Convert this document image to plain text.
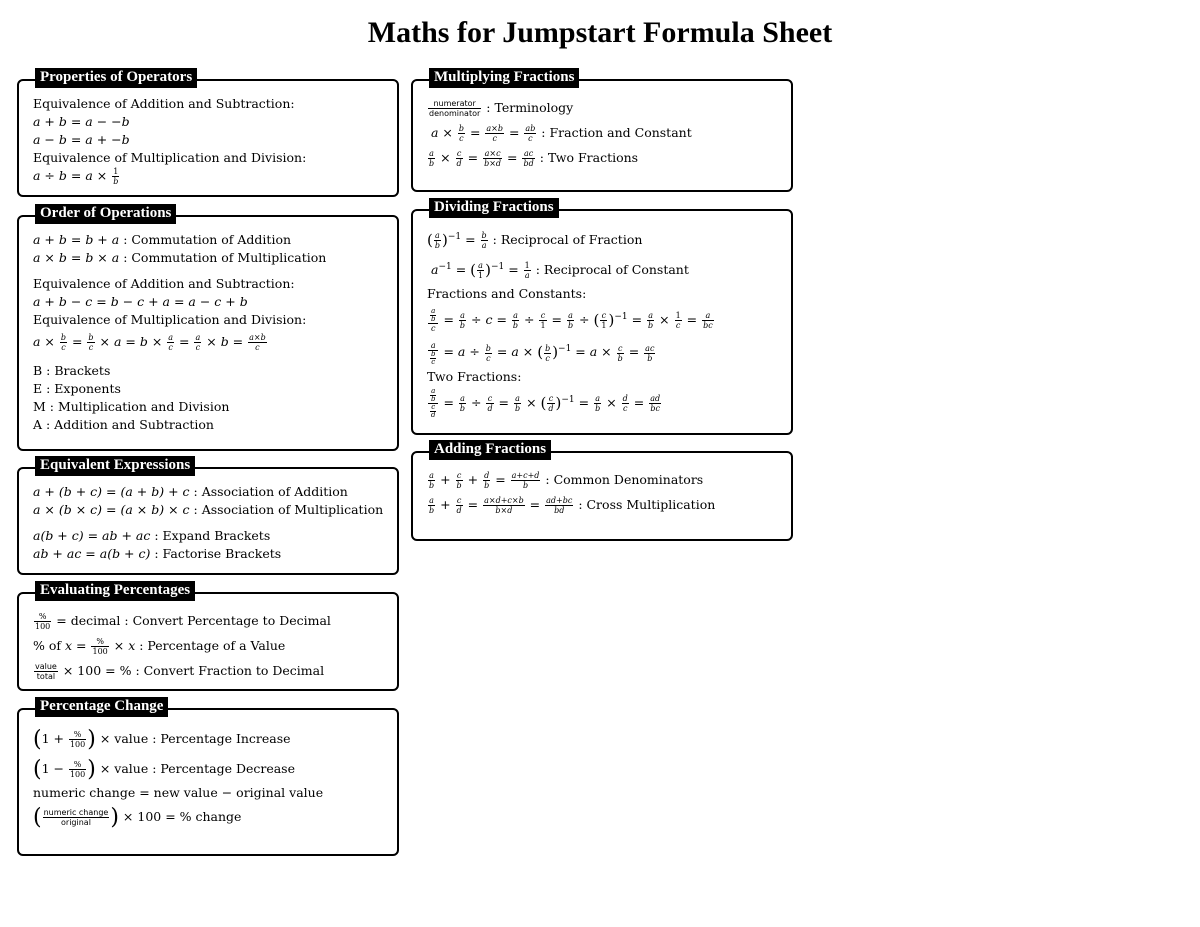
Maths for Jumpstart Formula Sheet
Properties of Operators
Equivalence of Addition and Subtraction:
a + b = a − −b
a − b = a + −b
Equivalence of Multiplication and Division:
$a \div b = a \times \frac{1}{b}$
Order of Operations
a + b = b + a : Commutation of Addition
a × b = b × a : Commutation of Multiplication
Equivalence of Addition and Subtraction:
a + b − c = b − c + a = a − c + b
Equivalence of Multiplication and Division:
$a \times \frac{b}{c} = \frac{b}{c} \times a = b \times \frac{a}{c} = \frac{a}{c} \times b = \frac{a\times b}{c}$
B : Brackets
E : Exponents
M : Multiplication and Division
A : Addition and Subtraction
Equivalent Expressions
a + (b + c) = (a + b) + c : Association of Addition
a × (b × c) = (a × b) × c : Association of Multiplication
a(b + c) = ab + ac : Expand Brackets
ab + ac = a(b + c) : Factorise Brackets
Evaluating Percentages
$\frac{\%}{100}$ = decimal : Convert Percentage to Decimal
% of $x = \frac{\%}{100} \times x$ : Percentage of a Value
$\frac{\text{value}}{\text{total}} \times 100$ = % : Convert Fraction to Decimal
Percentage Change
($1 + \frac{\%}{100}$ ) × value : Percentage Increase
($1 - \frac{\%}{100}$ ) × value : Percentage Decrease
numeric change = new value − original value
( $\frac{\text{numeric change}}{\text{original}}$ ) × 100 = % change
Multiplying Fractions
$\frac{\text{numerator}}{\text{denominator}}$ : Terminology
$a \times \frac{b}{c} = \frac{a\times b}{c} = \frac{ab}{c}$ : Fraction and Constant
$\frac{a}{b} \times \frac{c}{d} = \frac{a\times c}{b\times d} = \frac{ac}{bd}$ : Two Fractions
Dividing Fractions
( $\frac{a}{b} )^{-1} = \frac{b}{a}$ : Reciprocal of Fraction
$a^{-1}$ = ( $\frac{a}{1} )^{-1} = \frac{1}{a}$ : Reciprocal of Constant
Fractions and Constants:
$\frac{\frac{a}{b}}{c} = \frac{a}{b} \div c = \frac{a}{b} \div \frac{c}{1} = \frac{a}{b}$ ÷ ( $\frac{c}{1} )^{-1} = \frac{a}{b} \times \frac{1}{c} = \frac{a}{bc}$
$\frac{a}{\frac{b}{c}} = a \div \frac{b}{c} = a$ × ( $\frac{b}{c} )^{-1} = a \times \frac{c}{b} = \frac{ac}{b}$
Two Fractions:
$\frac{\frac{a}{b}}{\frac{c}{d}} = \frac{a}{b} \div \frac{c}{d} = \frac{a}{b}$ × ( $\frac{c}{d} )^{-1} = \frac{a}{b} \times \frac{d}{c} = \frac{ad}{bc}$
Adding Fractions
$\frac{a}{b} + \frac{c}{b} + \frac{d}{b} = \frac{a+c+d}{b}$ : Common Denominators
$\frac{a}{b} + \frac{c}{d} = \frac{a\times d+c\times b}{b\times d} = \frac{ad+bc}{bd}$ : Cross Multiplication
